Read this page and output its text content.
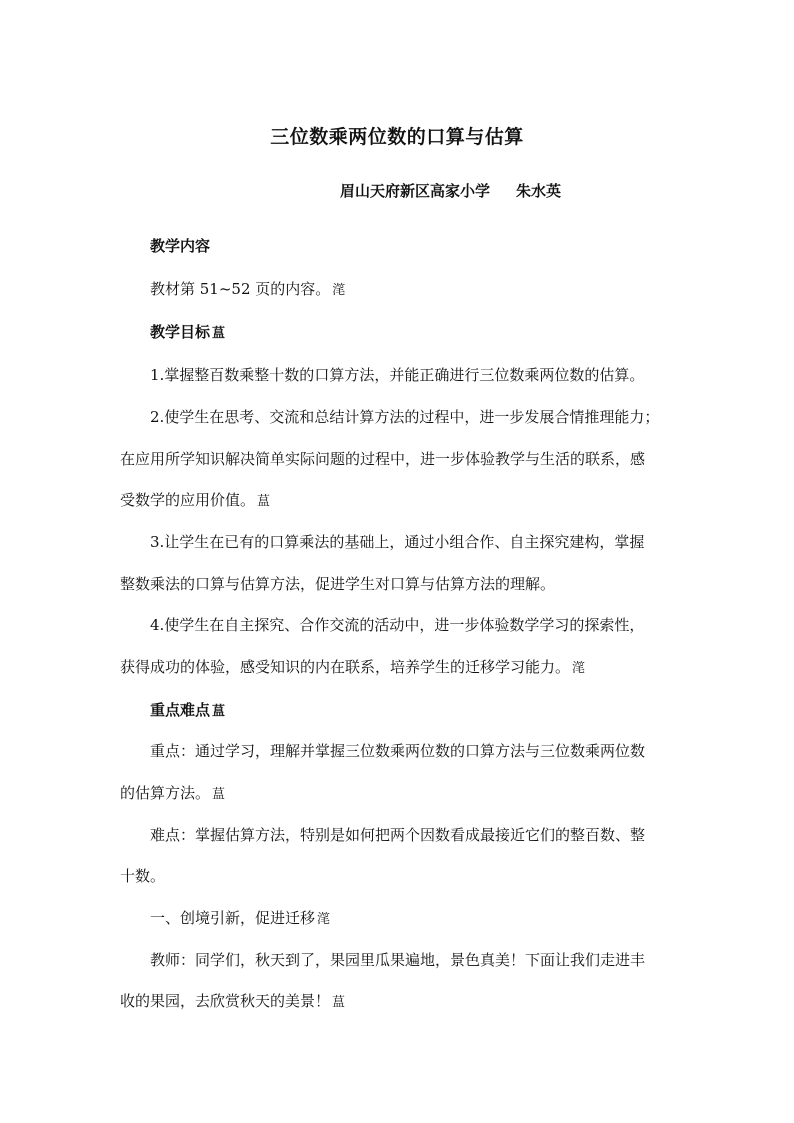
三位数乘两位数的口算与估算
眉山天府新区高家小学 朱水英
教学内容
教材第 51~52 页的内容。 滗
教学目标 蒀
1.掌握整百数乘整十数的口算方法，并能正确进行三位数乘两位数的估算。
2.使学生在思考、交流和总结计算方法的过程中，进一步发展合情推理能力；
在应用所学知识解决简单实际问题的过程中，进一步体验教学与生活的联系，感
受数学的应用价值。 蒀
3.让学生在已有的口算乘法的基础上，通过小组合作、自主探究建构，掌握
整数乘法的口算与估算方法，促进学生对口算与估算方法的理解。
4.使学生在自主探究、合作交流的活动中，进一步体验数学学习的探索性，
获得成功的体验，感受知识的内在联系，培养学生的迁移学习能力。 滗
重点难点 蒀
重点：通过学习，理解并掌握三位数乘两位数的口算方法与三位数乘两位数
的估算方法。 蒀
难点：掌握估算方法，特别是如何把两个因数看成最接近它们的整百数、整
十数。
一、创境引新，促进迁移 滗
教师：同学们，秋天到了，果园里瓜果遍地，景色真美！下面让我们走进丰
收的果园，去欣赏秋天的美景！ 蒀
